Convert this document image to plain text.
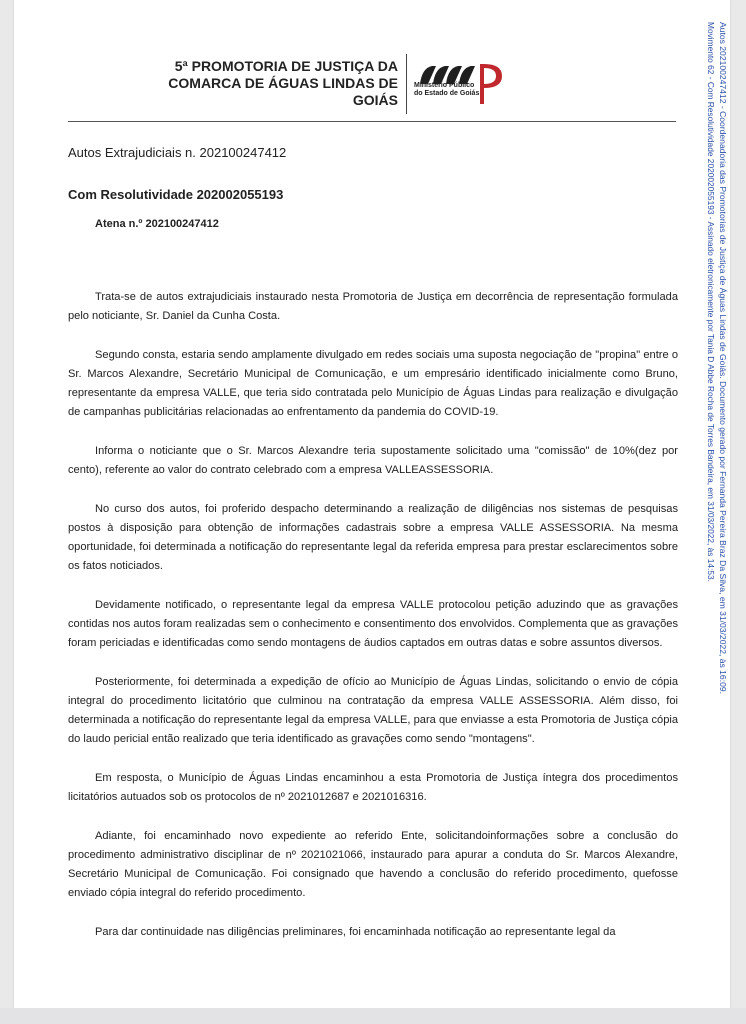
5ª PROMOTORIA DE JUSTIÇA DA
COMARCA DE ÁGUAS LINDAS DE
GOIÁS
Ministério Público
do Estado de Goiás
Autos Extrajudiciais n. 202100247412
Com Resolutividade 202002055193
Atena n.º 202100247412

Trata-se de autos extrajudiciais instaurado nesta Promotoria de Justiça em decorrência de representação formulada pelo noticiante, Sr. Daniel da Cunha Costa.

Segundo consta, estaria sendo amplamente divulgado em redes sociais uma suposta negociação de "propina" entre o Sr. Marcos Alexandre, Secretário Municipal de Comunicação, e um empresário identificado inicialmente como Bruno, representante da empresa VALLE, que teria sido contratada pelo Município de Águas Lindas para realização e divulgação de campanhas publicitárias relacionadas ao enfrentamento da pandemia do COVID-19.

Informa o noticiante que o Sr. Marcos Alexandre teria supostamente solicitado uma "comissão" de 10%(dez por cento), referente ao valor do contrato celebrado com a empresa VALLEASSESSORIA.

No curso dos autos, foi proferido despacho determinando a realização de diligências nos sistemas de pesquisas postos à disposição para obtenção de informações cadastrais sobre a empresa VALLE ASSESSORIA. Na mesma oportunidade, foi determinada a notificação do representante legal da referida empresa para prestar esclarecimentos sobre os fatos noticiados.

Devidamente notificado, o representante legal da empresa VALLE protocolou petição aduzindo que as gravações contidas nos autos foram realizadas sem o conhecimento e consentimento dos envolvidos. Complementa que as gravações foram periciadas e identificadas como sendo montagens de áudios captados em outras datas e sobre assuntos diversos.

Posteriormente, foi determinada a expedição de ofício ao Município de Águas Lindas, solicitando o envio de cópia integral do procedimento licitatório que culminou na contratação da empresa VALLE ASSESSORIA. Além disso, foi determinada a notificação do representante legal da empresa VALLE, para que enviasse a esta Promotoria de Justiça cópia do laudo pericial então realizado que teria identificado as gravações como sendo "montagens".

Em resposta, o Município de Águas Lindas encaminhou a esta Promotoria de Justiça íntegra dos procedimentos licitatórios autuados sob os protocolos de nº 2021012687 e 2021016316.

Adiante, foi encaminhado novo expediente ao referido Ente, solicitandoinformações sobre a conclusão do procedimento administrativo disciplinar de nº 2021021066, instaurado para apurar a conduta do Sr. Marcos Alexandre, Secretário Municipal de Comunicação. Foi consignado que havendo a conclusão do referido procedimento, quefosse enviado cópia integral do referido procedimento.

Para dar continuidade nas diligências preliminares, foi encaminhada notificação ao representante legal da

Autos 202100247412 - Coordenadoria das Promotorias de Justiça de Águas Lindas de Goiás. Documento gerado por Fernanda Pereira Braz Da Silva, em 31/03/2022, às 16:09.
Movimento 62 - Com Resolutividade 202002055193 - Assinado eletronicamente por Tania D Abbe Rocha de Torres Bandeira, em 31/03/2022, às 14:53.
